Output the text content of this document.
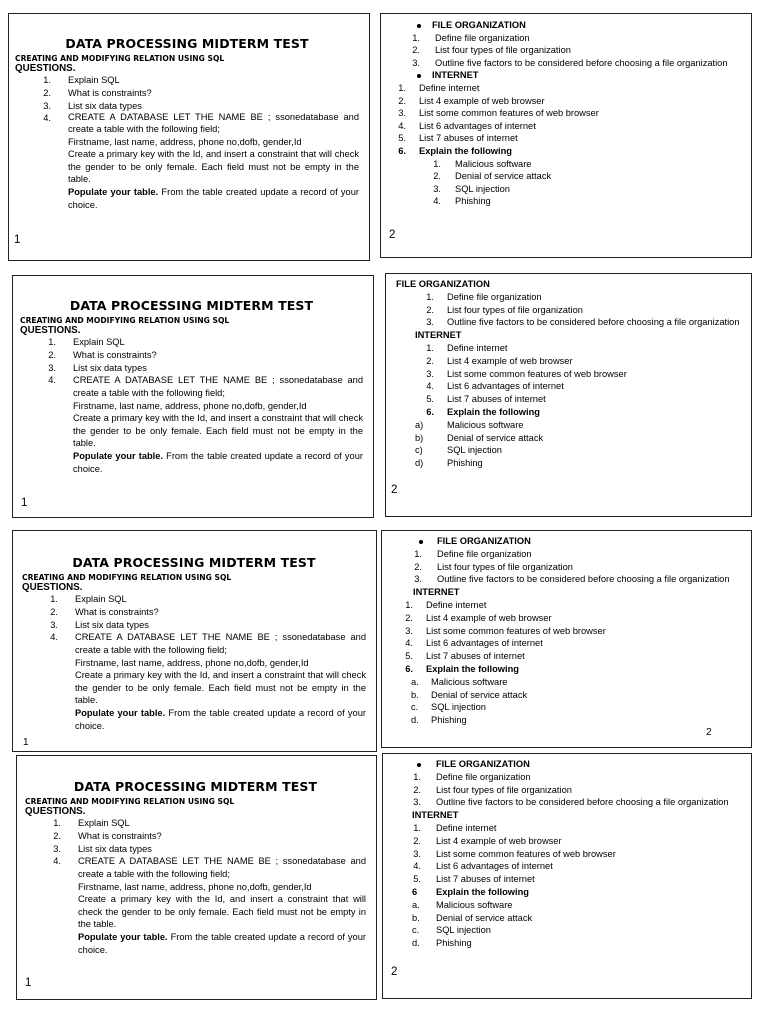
DATA PROCESSING MIDTERM TEST
CREATING AND MODIFYING RELATION USING SQL
QUESTIONS.
1.	Explain SQL
2.	What is constraints?
3.	List six data types
4.	CREATE A DATABASE LET THE NAME BE ; ssonedatabase and create a table with the following field;
Firstname, last name, address, phone no,dofb, gender,Id
Create a primary key with the Id, and insert a constraint that will check the gender to be only female. Each field must not be empty in the table.
Populate your table. From the table created update a record of your choice.
1
FILE ORGANIZATION
1.	Define file organization
2.	List four types of file organization
3.	Outline five factors to be considered before choosing a file organization
INTERNET
1.	Define internet
2.	List 4 example of web browser
3.	List some common features of web browser
4.	List 6 advantages of internet
5.	List 7 abuses of internet
6.	Explain the following
1.	Malicious software
2.	Denial of service attack
3.	SQL injection
4.	Phishing
2
DATA PROCESSING MIDTERM TEST
CREATING AND MODIFYING RELATION USING SQL
QUESTIONS.
1.	Explain SQL
2.	What is constraints?
3.	List six data types
4.	CREATE A DATABASE LET THE NAME BE ; ssonedatabase and create a table with the following field;
Firstname, last name, address, phone no,dofb, gender,Id
Create a primary key with the Id, and insert a constraint that will check the gender to be only female. Each field must not be empty in the table.
Populate your table. From the table created update a record of your choice.
1
FILE ORGANIZATION
1.	Define file organization
2.	List four types of file organization
3.	Outline five factors to be considered before choosing a file organization
INTERNET
1.	Define internet
2.	List 4 example of web browser
3.	List some common features of web browser
4.	List 6 advantages of internet
5.	List 7 abuses of internet
6.	Explain the following
a)	Malicious software
b)	Denial of service attack
c)	SQL injection
d)	Phishing
2
DATA PROCESSING MIDTERM TEST
CREATING AND MODIFYING RELATION USING SQL
QUESTIONS.
1.	Explain SQL
2.	What is constraints?
3.	List six data types
4.	CREATE A DATABASE LET THE NAME BE ; ssonedatabase and create a table with the following field;
Firstname, last name, address, phone no,dofb, gender,Id
Create a primary key with the Id, and insert a constraint that will check the gender to be only female. Each field must not be empty in the table.
Populate your table. From the table created update a record of your choice.
1
FILE ORGANIZATION
1.	Define file organization
2.	List four types of file organization
3.	Outline five factors to be considered before choosing a file organization
INTERNET
1.	Define internet
2.	List 4 example of web browser
3.	List some common features of web browser
4.	List 6 advantages of internet
5.	List 7 abuses of internet
6.	Explain the following
a.	Malicious software
b.	Denial of service attack
c.	SQL injection
d.	Phishing
2
DATA PROCESSING MIDTERM TEST
CREATING AND MODIFYING RELATION USING SQL
QUESTIONS.
1.	Explain SQL
2.	What is constraints?
3.	List six data types
4.	CREATE A DATABASE LET THE NAME BE ; ssonedatabase and create a table with the following field;
Firstname, last name, address, phone no,dofb, gender,Id
Create a primary key with the Id, and insert a constraint that will check the gender to be only female. Each field must not be empty in the table.
Populate your table. From the table created update a record of your choice.
1
FILE ORGANIZATION
1.	Define file organization
2.	List four types of file organization
3.	Outline five factors to be considered before choosing a file organization
INTERNET
1.	Define internet
2.	List 4 example of web browser
3.	List some common features of web browser
4.	List 6 advantages of internet
5.	List 7 abuses of internet
6	Explain the following
a.	Malicious software
b.	Denial of service attack
c.	SQL injection
d.	Phishing
2
